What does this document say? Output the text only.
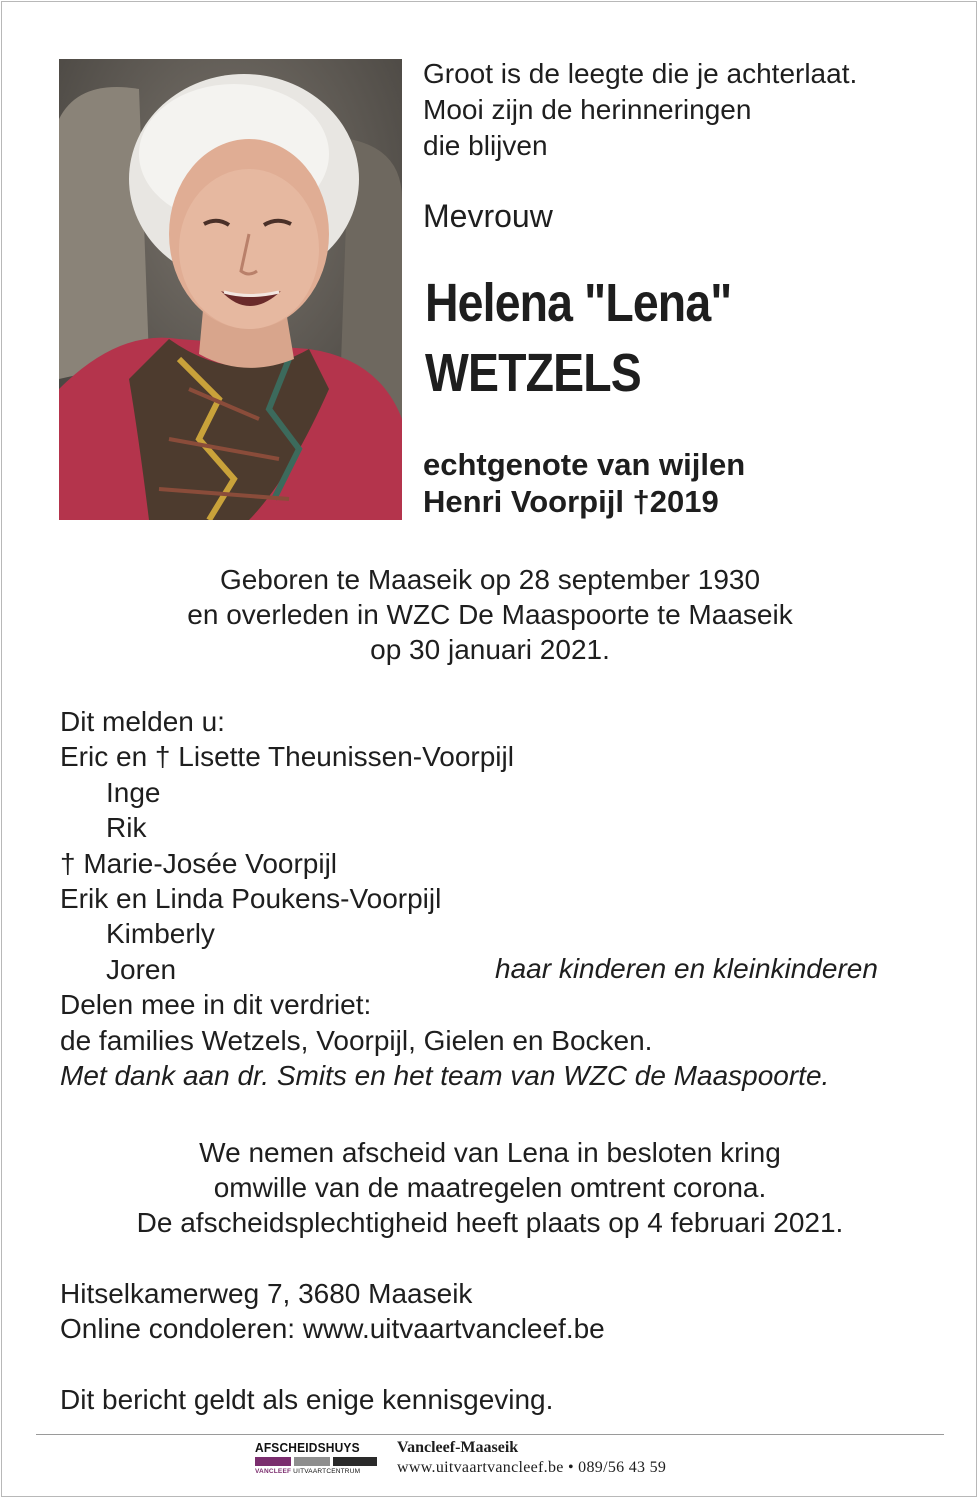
Groot is de leegte die je achterlaat.
Mooi zijn de herinneringen
die blijven
Mevrouw
Helena "Lena"
WETZELS
echtgenote van wijlen
Henri Voorpijl †2019
Geboren te Maaseik op 28 september 1930
en overleden in WZC De Maaspoorte te Maaseik
op 30 januari 2021.
Dit melden u:
Eric en † Lisette Theunissen-Voorpijl
Inge
Rik
† Marie-Josée Voorpijl
Erik en Linda Poukens-Voorpijl
Kimberly
Joren
Delen mee in dit verdriet:
de families Wetzels, Voorpijl, Gielen en Bocken.
Met dank aan dr. Smits en het team van WZC de Maaspoorte.
haar kinderen en kleinkinderen
We nemen afscheid van Lena in besloten kring
omwille van de maatregelen omtrent corona.
De afscheidsplechtigheid heeft plaats op 4 februari 2021.
Hitselkamerweg 7, 3680 Maaseik
Online condoleren: www.uitvaartvancleef.be
Dit bericht geldt als enige kennisgeving.
AFSCHEIDSHUYS
VANCLEEF UITVAARTCENTRUM
Vancleef-Maaseik
www.uitvaartvancleef.be • 089/56 43 59
